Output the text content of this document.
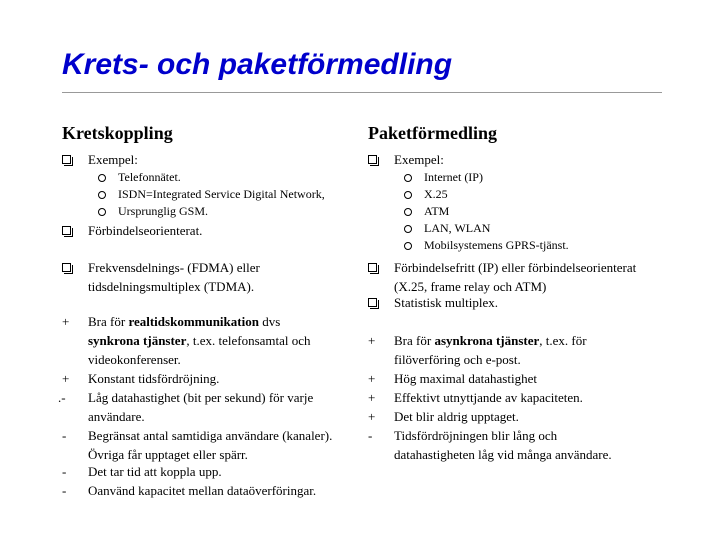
Krets- och paketförmedling
Kretskoppling
Exempel:
Telefonnätet.
ISDN=Integrated Service Digital Network,
Ursprunglig GSM.
Förbindelseorienterat.
Frekvensdelnings- (FDMA) eller
tidsdelningsmultiplex (TDMA).
+ Bra för realtidskommunikation dvs
synkrona tjänster, t.ex. telefonsamtal och
videokonferenser.
+ Konstant tidsfördröjning.
.- Låg datahastighet (bit per sekund) för varje
användare.
- Begränsat antal samtidiga användare (kanaler).
Övriga får upptaget eller spärr.
- Det tar tid att koppla upp.
- Oanvänd kapacitet mellan dataöverföringar.
Paketförmedling
Exempel:
Internet (IP)
X.25
ATM
LAN, WLAN
Mobilsystemens GPRS-tjänst.
Förbindelsefritt (IP) eller förbindelseorienterat
(X.25, frame relay och ATM)
Statistisk multiplex.
+ Bra för asynkrona tjänster, t.ex. för
filöverföring och e-post.
+ Hög maximal datahastighet
+ Effektivt utnyttjande av kapaciteten.
+ Det blir aldrig upptaget.
- Tidsfördröjningen blir lång och
datahastigheten låg vid många användare.
